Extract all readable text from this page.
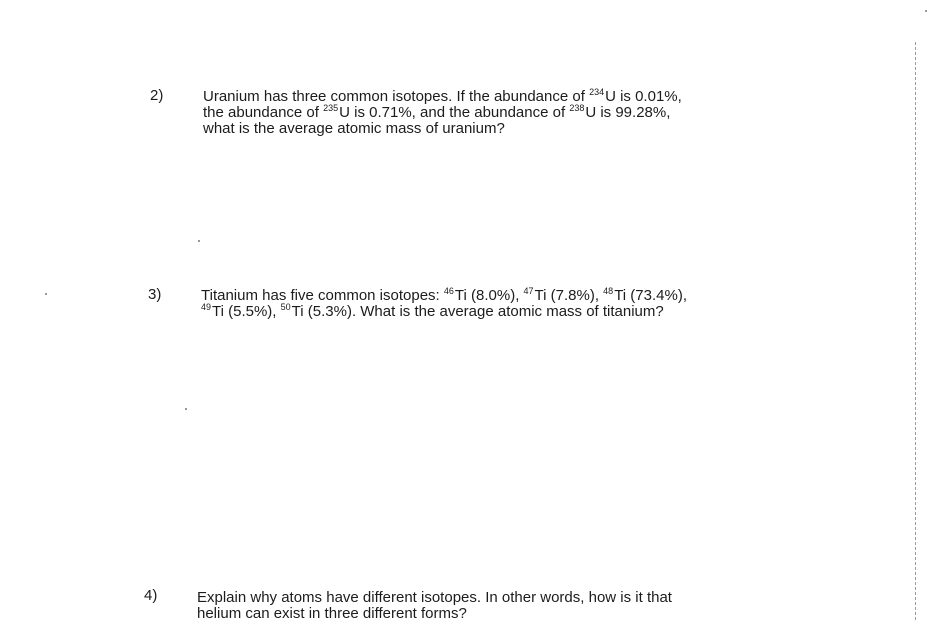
2)	Uranium has three common isotopes. If the abundance of $^{234}$U is 0.01%,
the abundance of $^{235}$U is 0.71%, and the abundance of $^{238}$U is 99.28%,
what is the average atomic mass of uranium?
3)	Titanium has five common isotopes: $^{46}$Ti (8.0%), $^{47}$Ti (7.8%), $^{48}$Ti (73.4%),
$^{49}$Ti (5.5%), $^{50}$Ti (5.3%). What is the average atomic mass of titanium?
4)	Explain why atoms have different isotopes. In other words, how is it that
helium can exist in three different forms?
